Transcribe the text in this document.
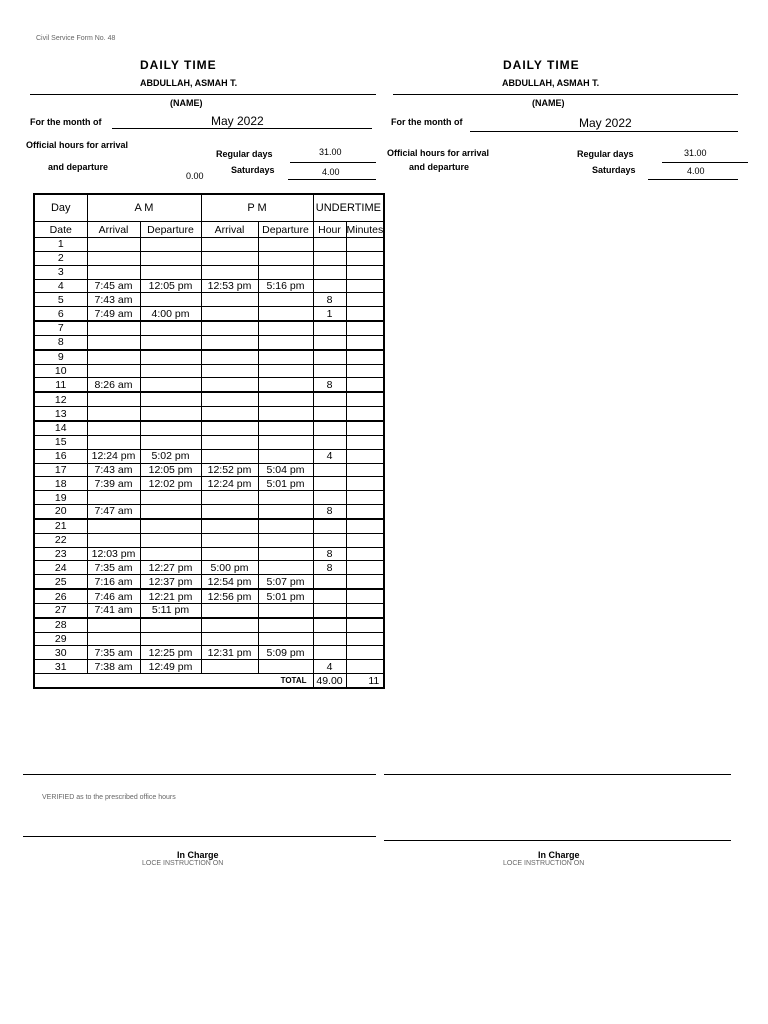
Civil Service Form No. 48
DAILY TIME
ABDULLAH, ASMAH T.
(NAME)
For the month of	May 2022
Official hours for arrival
and departure
0.00
Regular days	31.00
Saturdays	4.00
DAILY TIME
ABDULLAH, ASMAH T.
(NAME)
For the month of	May 2022
Official hours for arrival
and departure
Regular days	31.00
Saturdays	4.00
Day	A M		P M		UNDERTIME	
Date	Arrival	Departure	Arrival	Departure	Hour	Minutes
1						
2						
3						
4	7:45 am	12:05 pm	12:53 pm	5:16 pm		
5	7:43 am				8	
6	7:49 am	4:00 pm			1	
7						
8						
9						
10						
11	8:26 am				8	
12						
13						
14						
15						
16	12:24 pm	5:02 pm			4	
17	7:43 am	12:05 pm	12:52 pm	5:04 pm		
18	7:39 am	12:02 pm	12:24 pm	5:01 pm		
19						
20	7:47 am				8	
21						
22						
23	12:03 pm				8	
24	7:35 am	12:27 pm	5:00 pm		8	
25	7:16 am	12:37 pm	12:54 pm	5:07 pm		
26	7:46 am	12:21 pm	12:56 pm	5:01 pm		
27	7:41 am	5:11 pm				
28						
29						
30	7:35 am	12:25 pm	12:31 pm	5:09 pm		
31	7:38 am	12:49 pm			4	
TOTAL					49.00	11
VERIFIED as to the prescribed office hours
In Charge	In Charge
LOCE INSTRUCTION ON	LOCE INSTRUCTION ON
